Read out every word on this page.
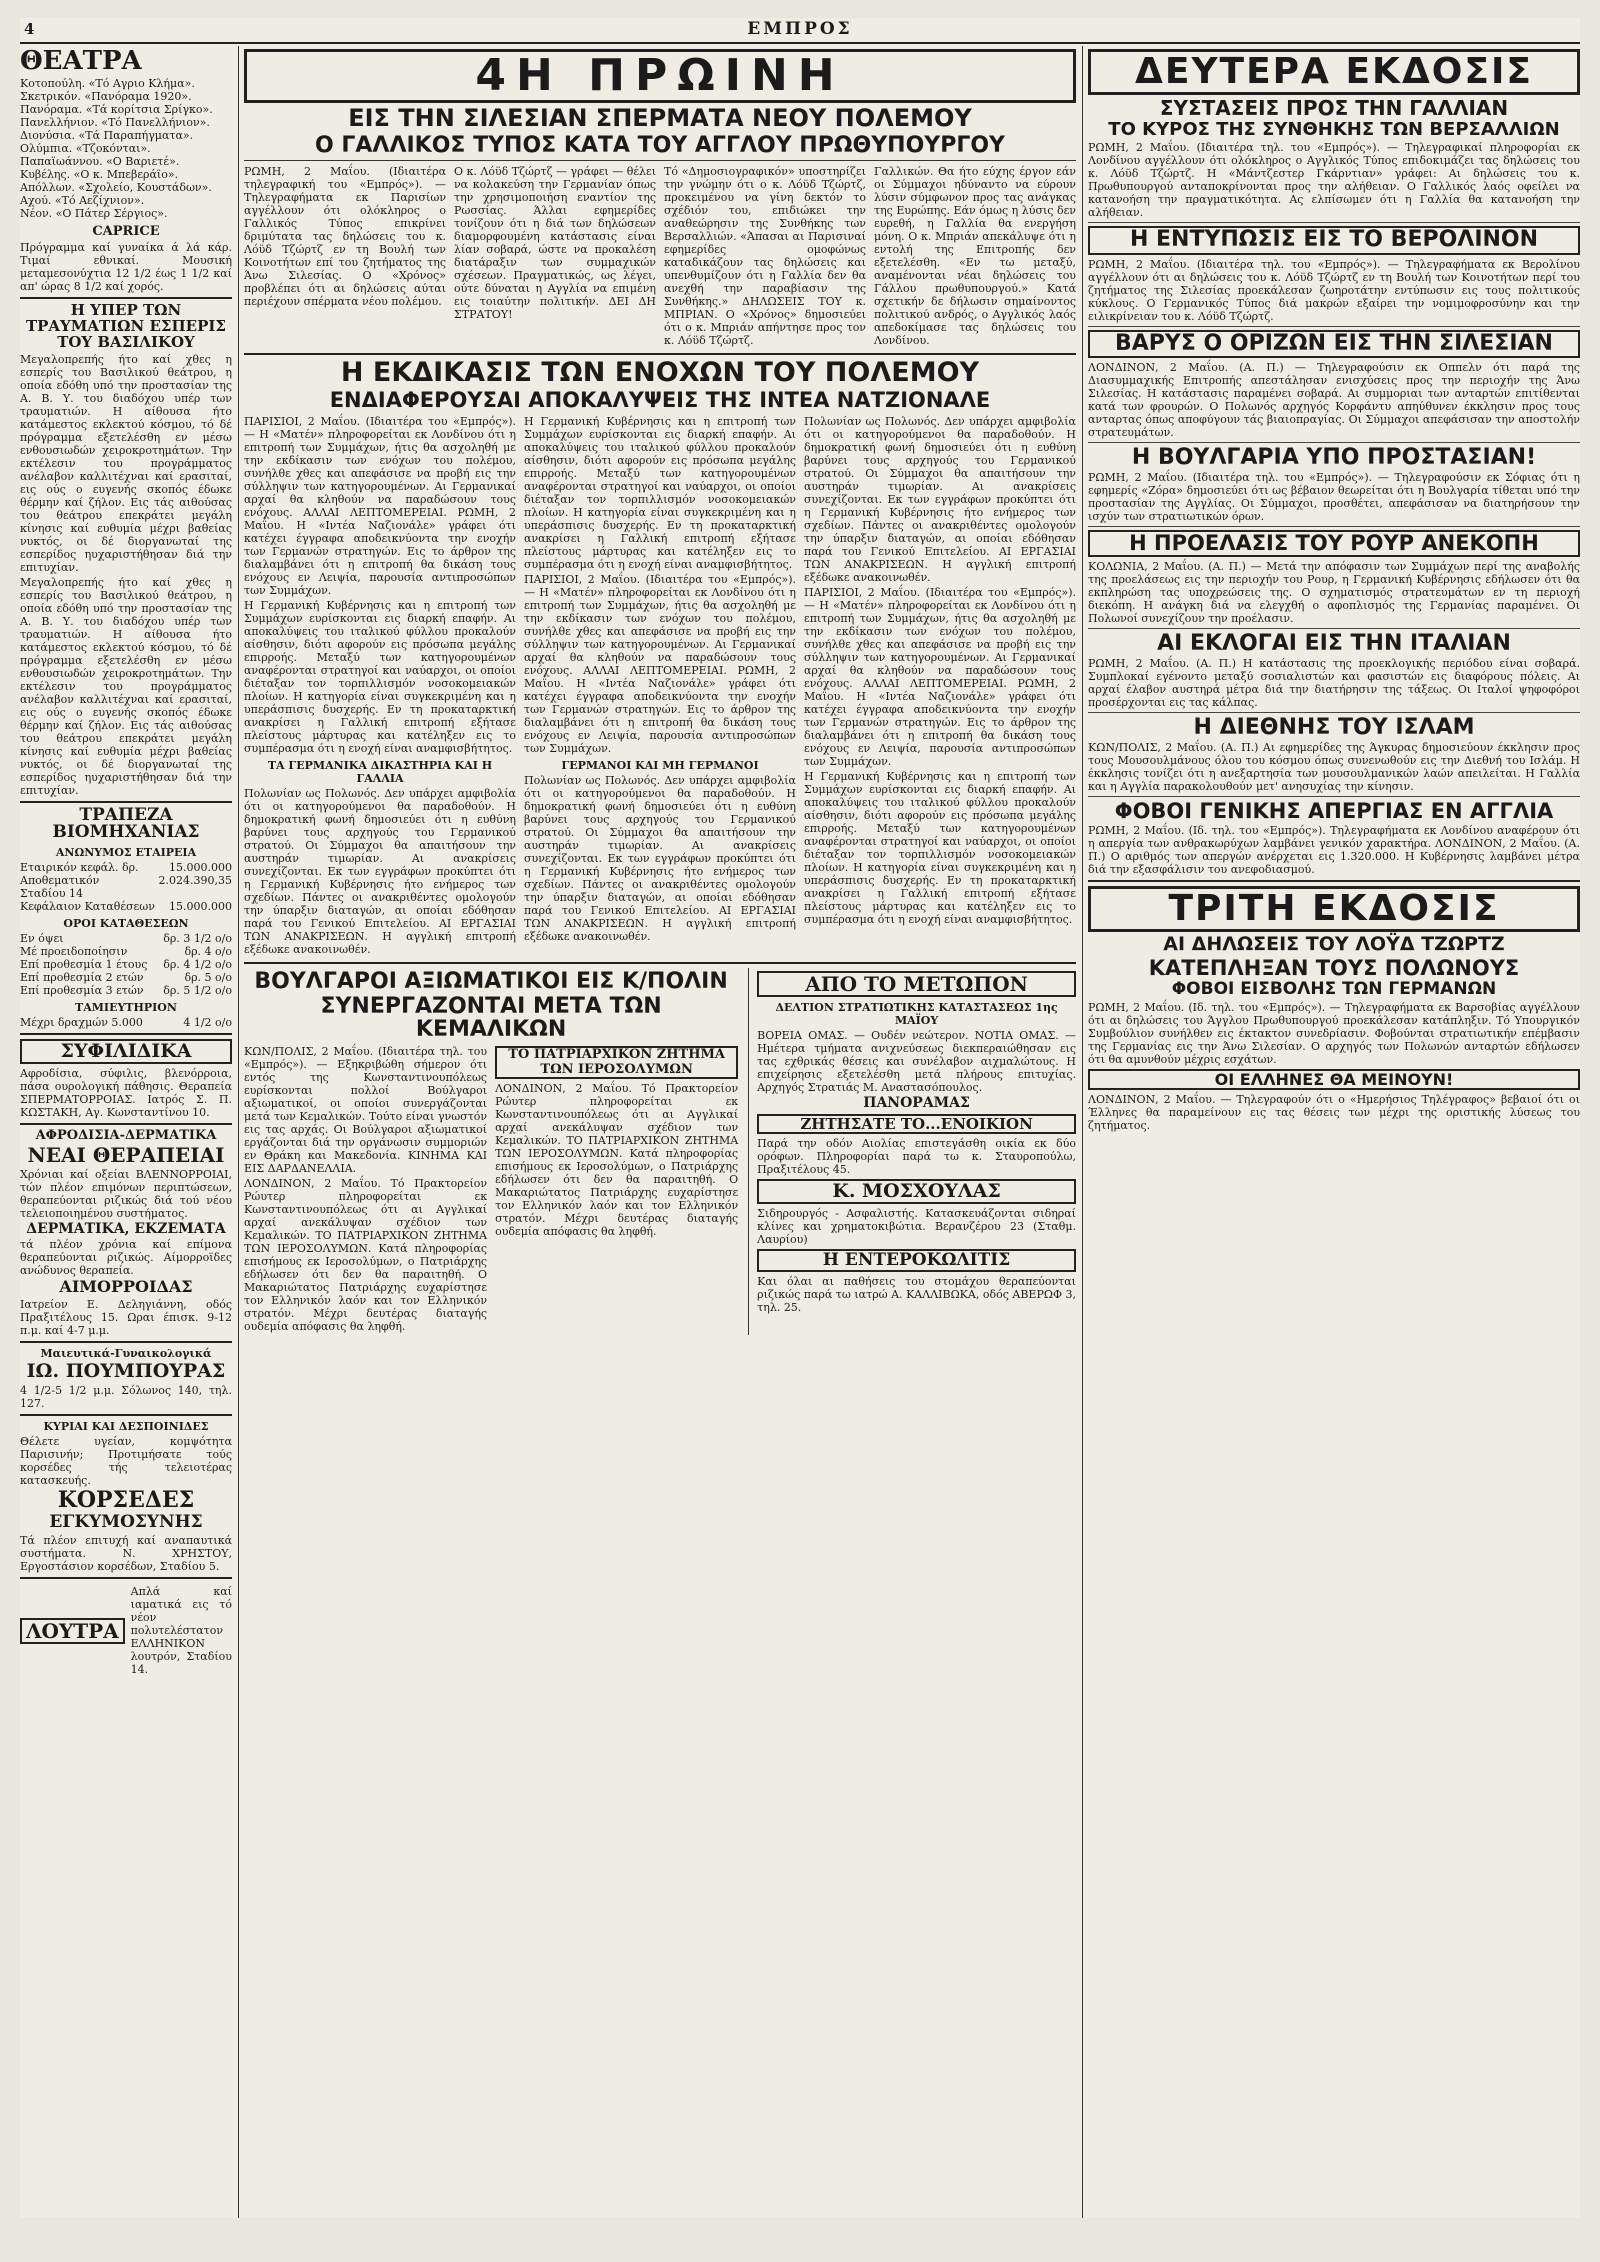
4	ΕΜΠΡΟΣ
ΘΕΑΤΡΑ
Κοτοπούλη. «Τό Αγριο Κλήμα».
Σκετρικόν. «Πανόραμα 1920».
Πανόραμα. «Τά κορίτσια Σρίγκο».
Πανελλήνιον. «Τό Πανελλήνιον».
Διονύσια. «Τά Παραπήγματα».
Ολύμπια. «Τζοκόνται».
Παπαϊωάννου. «Ο Βαριετέ».
Κυβέλης. «Ο κ. Μπεβεράϊο».
Απόλλων. «Σχολείο, Κουστάδων».
Αχού. «Τό Αεζίχνιον».
Νέον. «Ο Πάτερ Σέργιος».
CAPRICE
Πρόγραμμα καί γυναίκα ά λά κάρ. Τιμαί εθνικαί. Μουσική μεταμεσονύχτια 12 1/2 έως 1 1/2 καί απ' ώρας 8 1/2 καί χορός.
Η ΥΠΕΡ ΤΩΝ ΤΡΑΥΜΑΤΙΩΝ ΕΣΠΕΡΙΣ ΤΟΥ ΒΑΣΙΛΙΚΟΥ
Μεγαλοπρεπής ήτο καί χθες η εσπερίς του Βασιλικού θεάτρου, η οποία εδόθη υπό την προστασίαν της Α. Β. Υ. του διαδόχου υπέρ των τραυματιών. Η αίθουσα ήτο κατάμεστος εκλεκτού κόσμου, τό δέ πρόγραμμα εξετελέσθη εν μέσω ενθουσιωδών χειροκροτημάτων. Την εκτέλεσιν του προγράμματος ανέλαβον καλλιτέχναι καί ερασιταί, εις ούς ο ευγενής σκοπός έδωκε θέρμην καί ζήλον. Εις τάς αιθούσας του θεάτρου επεκράτει μεγάλη κίνησις καί ευθυμία μέχρι βαθείας νυκτός, οι δέ διοργανωταί της εσπερίδος ηυχαριστήθησαν διά την επιτυχίαν.
Μεγαλοπρεπής ήτο καί χθες η εσπερίς του Βασιλικού θεάτρου, η οποία εδόθη υπό την προστασίαν της Α. Β. Υ. του διαδόχου υπέρ των τραυματιών. Η αίθουσα ήτο κατάμεστος εκλεκτού κόσμου, τό δέ πρόγραμμα εξετελέσθη εν μέσω ενθουσιωδών χειροκροτημάτων. Την εκτέλεσιν του προγράμματος ανέλαβον καλλιτέχναι καί ερασιταί, εις ούς ο ευγενής σκοπός έδωκε θέρμην καί ζήλον. Εις τάς αιθούσας του θεάτρου επεκράτει μεγάλη κίνησις καί ευθυμία μέχρι βαθείας νυκτός, οι δέ διοργανωταί της εσπερίδος ηυχαριστήθησαν διά την επιτυχίαν.
ΤΡΑΠΕΖΑ ΒΙΟΜΗΧΑΝΙΑΣ
ΑΝΩΝΥΜΟΣ ΕΤΑΙΡΕΙΑ
Εταιρικόν κεφάλ. δρ.	15.000.000
Αποθεματικόν	2.024.390,35
Σταδίου 14
Κεφάλαιον Καταθέσεων 15.000.000
ΟΡΟΙ ΚΑΤΑΘΕΣΕΩΝ
Εν όψει	δρ. 3 1/2 ο/ο
Μέ προειδοποίησιν	δρ. 4 ο/ο
Επί προθεσμία 1 έτους δρ. 4 1/2 ο/ο
Επί προθεσμία 2 ετών	δρ. 5 ο/ο
Επί προθεσμία 3 ετών δρ. 5 1/2 ο/ο
ΤΑΜΙΕΥΤΗΡΙΟΝ
Μέχρι δραχμών 5.000	4 1/2 ο/ο
ΣΥΦΙΛΙΔΙΚΑ
Αφροδίσια, σύφιλις, βλενόρροια, πάσα ουρολογική πάθησις. Θεραπεία ΣΠΕΡΜΑΤΟΡΡΟΙΑΣ. Ιατρός Σ. Π. ΚΩΣΤΑΚΗ, Αγ. Κωνσταντίνου 10.
ΑΦΡΟΔΙΣΙΑ-ΔΕΡΜΑΤΙΚΑ
ΝΕΑΙ ΘΕΡΑΠΕΙΑΙ
Χρόνιαι καί οξείαι ΒΛΕΝΝΟΡΡΟΙΑΙ, τών πλέον επιμόνων περιπτώσεων, θεραπεύονται ριζικώς διά τού νέου τελειοποιημένου συστήματος.
ΔΕΡΜΑΤΙΚΑ, ΕΚΖΕΜΑΤΑ
τά πλέον χρόνια καί επίμονα θεραπεύονται ριζικώς. Αίμορροϊδες ανώδυνος θεραπεία.
ΑΙΜΟΡΡΟΙΔΑΣ
Ιατρείον Ε. Δεληγιάννη, οδός Πραξιτέλους 15. Ωραι έπισκ. 9-12 π.μ. καί 4-7 μ.μ.
Μαιευτικά-Γυναικολογικά
ΙΩ. ΠΟΥΜΠΟΥΡΑΣ
4 1/2-5 1/2 μ.μ. Σόλωνος 140, τηλ. 127.
ΚΥΡΙΑΙ ΚΑΙ ΔΕΣΠΟΙΝΙΔΕΣ
Θέλετε υγείαν, κομψότητα Παρισινήν; Προτιμήσατε τούς κορσέδες τής τελειοτέρας κατασκευής.
ΚΟΡΣΕΔΕΣ
ΕΓΚΥΜΟΣΥΝΗΣ
Τά πλέον επιτυχή καί αναπαυτικά συστήματα. Ν. ΧΡΗΣΤΟΥ, Εργοστάσιον κορσέδων, Σταδίου 5.
ΛΟΥΤΡΑ
Απλά καί ιαματικά εις τό νέον πολυτελέστατον ΕΛΛΗΝΙΚΟΝ λουτρόν, Σταδίου 14.
4Η ΠΡΩΙΝΗ
ΕΙΣ ΤΗΝ ΣΙΛΕΣΙΑΝ ΣΠΕΡΜΑΤΑ ΝΕΟΥ ΠΟΛΕΜΟΥ
Ο ΓΑΛΛΙΚΟΣ ΤΥΠΟΣ ΚΑΤΑ ΤΟΥ ΑΓΓΛΟΥ ΠΡΩΘΥΠΟΥΡΓΟΥ
ΡΩΜΗ, 2 Μαΐου. (Ιδιαιτέρα τηλεγραφική του «Εμπρός»). — Τηλεγραφήματα εκ Παρισίων αγγέλλουν ότι ολόκληρος ο Γαλλικός Τύπος επικρίνει δριμύτατα τας δηλώσεις του κ. Λόϋδ Τζώρτζ εν τη Βουλή των Κοινοτήτων επί του ζητήματος της Άνω Σιλεσίας. Ο «Χρόνος» προβλέπει ότι αι δηλώσεις αύται περιέχουν σπέρματα νέου πολέμου.
Ο κ. Λόϋδ Τζώρτζ — γράφει — θέλει να κολακεύση την Γερμανίαν όπως την χρησιμοποιήση εναντίον της Ρωσσίας. Άλλαι εφημερίδες τονίζουν ότι η διά των δηλώσεων διαμορφουμένη κατάστασις είναι λίαν σοβαρά, ώστε να προκαλέση διατάραξιν των συμμαχικών σχέσεων. Πραγματικώς, ως λέγει, ούτε δύναται η Αγγλία να επιμένη εις τοιαύτην πολιτικήν. ΔΕΙ ΔΗ ΣΤΡΑΤΟΥ!
Τό «Δημοσιογραφικόν» υποστηρίζει την γνώμην ότι ο κ. Λόϋδ Τζώρτζ, προκειμένου να γίνη δεκτόν το σχέδιόν του, επιδιώκει την αναθεώρησιν της Συνθήκης των Βερσαλλιών. «Άπασαι αι Παρισιναί εφημερίδες ομοφώνως καταδικάζουν τας δηλώσεις και υπενθυμίζουν ότι η Γαλλία δεν θα ανεχθή την παραβίασιν της Συνθήκης.» ΔΗΛΩΣΕΙΣ ΤΟΥ κ. ΜΠΡΙΑΝ. Ο «Χρόνος» δημοσιεύει ότι ο κ. Μπριάν απήντησε προς τον κ. Λόϋδ Τζώρτζ.
Γαλλικών. Θα ήτο εύχης έργον εάν οι Σύμμαχοι ηδύναντο να εύρουν λύσιν σύμφωνον προς τας ανάγκας της Ευρώπης. Εάν όμως η λύσις δεν ευρεθή, η Γαλλία θα ενεργήση μόνη. Ο κ. Μπριάν απεκάλυψε ότι η εντολή της Επιτροπής δεν εξετελέσθη. «Εν τω μεταξύ, αναμένονται νέαι δηλώσεις του Γάλλου πρωθυπουργού.» Κατά σχετικήν δε δήλωσιν σημαίνοντος πολιτικού ανδρός, ο Αγγλικός λαός απεδοκίμασε τας δηλώσεις του Λονδίνου.
Η ΕΚΔΙΚΑΣΙΣ ΤΩΝ ΕΝΟΧΩΝ ΤΟΥ ΠΟΛΕΜΟΥ
ΕΝΔΙΑΦΕΡΟΥΣΑΙ ΑΠΟΚΑΛΥΨΕΙΣ ΤΗΣ ΙΝΤΕΑ ΝΑΤΖΙΟΝΑΛΕ
ΠΑΡΙΣΙΟΙ, 2 Μαΐου. (Ιδιαιτέρα του «Εμπρός»). — Η «Ματέν» πληροφορείται εκ Λονδίνου ότι η επιτροπή των Συμμάχων, ήτις θα ασχοληθή με την εκδίκασιν των ενόχων του πολέμου, συνήλθε χθες και απεφάσισε να προβή εις την σύλληψιν των κατηγορουμένων. Αι Γερμανικαί αρχαί θα κληθούν να παραδώσουν τους ενόχους. ΑΛΛΑΙ ΛΕΠΤΟΜΕΡΕΙΑΙ. ΡΩΜΗ, 2 Μαΐου. Η «Ιντέα Ναζιονάλε» γράφει ότι κατέχει έγγραφα αποδεικνύοντα την ενοχήν των Γερμανών στρατηγών. Εις το άρθρον της διαλαμβάνει ότι η επιτροπή θα δικάση τους ενόχους εν Λειψία, παρουσία αντιπροσώπων των Συμμάχων.
Η Γερμανική Κυβέρνησις και η επιτροπή των Συμμάχων ευρίσκονται εις διαρκή επαφήν. Αι αποκαλύψεις του ιταλικού φύλλου προκαλούν αίσθησιν, διότι αφορούν εις πρόσωπα μεγάλης επιρροής. Μεταξύ των κατηγορουμένων αναφέρονται στρατηγοί και ναύαρχοι, οι οποίοι διέταξαν τον τορπιλλισμόν νοσοκομειακών πλοίων. Η κατηγορία είναι συγκεκριμένη και η υπεράσπισις δυσχερής. Εν τη προκαταρκτική ανακρίσει η Γαλλική επιτροπή εξήτασε πλείστους μάρτυρας και κατέληξεν εις το συμπέρασμα ότι η ενοχή είναι αναμφισβήτητος.
ΤΑ ΓΕΡΜΑΝΙΚΑ ΔΙΚΑΣΤΗΡΙΑ ΚΑΙ Η ΓΑΛΛΙΑ
Πολωνίαν ως Πολωνός. Δεν υπάρχει αμφιβολία ότι οι κατηγορούμενοι θα παραδοθούν. Η δημοκρατική φωνή δημοσιεύει ότι η ευθύνη βαρύνει τους αρχηγούς του Γερμανικού στρατού. Οι Σύμμαχοι θα απαιτήσουν την αυστηράν τιμωρίαν. Αι ανακρίσεις συνεχίζονται. Εκ των εγγράφων προκύπτει ότι η Γερμανική Κυβέρνησις ήτο ενήμερος των σχεδίων. Πάντες οι ανακριθέντες ομολογούν την ύπαρξιν διαταγών, αι οποίαι εδόθησαν παρά του Γενικού Επιτελείου. ΑΙ ΕΡΓΑΣΙΑΙ ΤΩΝ ΑΝΑΚΡΙΣΕΩΝ. Η αγγλική επιτροπή εξέδωκε ανακοινωθέν.
Η Γερμανική Κυβέρνησις και η επιτροπή των Συμμάχων ευρίσκονται εις διαρκή επαφήν. Αι αποκαλύψεις του ιταλικού φύλλου προκαλούν αίσθησιν, διότι αφορούν εις πρόσωπα μεγάλης επιρροής. Μεταξύ των κατηγορουμένων αναφέρονται στρατηγοί και ναύαρχοι, οι οποίοι διέταξαν τον τορπιλλισμόν νοσοκομειακών πλοίων. Η κατηγορία είναι συγκεκριμένη και η υπεράσπισις δυσχερής. Εν τη προκαταρκτική ανακρίσει η Γαλλική επιτροπή εξήτασε πλείστους μάρτυρας και κατέληξεν εις το συμπέρασμα ότι η ενοχή είναι αναμφισβήτητος.
ΠΑΡΙΣΙΟΙ, 2 Μαΐου. (Ιδιαιτέρα του «Εμπρός»). — Η «Ματέν» πληροφορείται εκ Λονδίνου ότι η επιτροπή των Συμμάχων, ήτις θα ασχοληθή με την εκδίκασιν των ενόχων του πολέμου, συνήλθε χθες και απεφάσισε να προβή εις την σύλληψιν των κατηγορουμένων. Αι Γερμανικαί αρχαί θα κληθούν να παραδώσουν τους ενόχους. ΑΛΛΑΙ ΛΕΠΤΟΜΕΡΕΙΑΙ. ΡΩΜΗ, 2 Μαΐου. Η «Ιντέα Ναζιονάλε» γράφει ότι κατέχει έγγραφα αποδεικνύοντα την ενοχήν των Γερμανών στρατηγών. Εις το άρθρον της διαλαμβάνει ότι η επιτροπή θα δικάση τους ενόχους εν Λειψία, παρουσία αντιπροσώπων των Συμμάχων.
ΓΕΡΜΑΝΟΙ ΚΑΙ ΜΗ ΓΕΡΜΑΝΟΙ
Πολωνίαν ως Πολωνός. Δεν υπάρχει αμφιβολία ότι οι κατηγορούμενοι θα παραδοθούν. Η δημοκρατική φωνή δημοσιεύει ότι η ευθύνη βαρύνει τους αρχηγούς του Γερμανικού στρατού. Οι Σύμμαχοι θα απαιτήσουν την αυστηράν τιμωρίαν. Αι ανακρίσεις συνεχίζονται. Εκ των εγγράφων προκύπτει ότι η Γερμανική Κυβέρνησις ήτο ενήμερος των σχεδίων. Πάντες οι ανακριθέντες ομολογούν την ύπαρξιν διαταγών, αι οποίαι εδόθησαν παρά του Γενικού Επιτελείου. ΑΙ ΕΡΓΑΣΙΑΙ ΤΩΝ ΑΝΑΚΡΙΣΕΩΝ. Η αγγλική επιτροπή εξέδωκε ανακοινωθέν.
Πολωνίαν ως Πολωνός. Δεν υπάρχει αμφιβολία ότι οι κατηγορούμενοι θα παραδοθούν. Η δημοκρατική φωνή δημοσιεύει ότι η ευθύνη βαρύνει τους αρχηγούς του Γερμανικού στρατού. Οι Σύμμαχοι θα απαιτήσουν την αυστηράν τιμωρίαν. Αι ανακρίσεις συνεχίζονται. Εκ των εγγράφων προκύπτει ότι η Γερμανική Κυβέρνησις ήτο ενήμερος των σχεδίων. Πάντες οι ανακριθέντες ομολογούν την ύπαρξιν διαταγών, αι οποίαι εδόθησαν παρά του Γενικού Επιτελείου. ΑΙ ΕΡΓΑΣΙΑΙ ΤΩΝ ΑΝΑΚΡΙΣΕΩΝ. Η αγγλική επιτροπή εξέδωκε ανακοινωθέν.
ΠΑΡΙΣΙΟΙ, 2 Μαΐου. (Ιδιαιτέρα του «Εμπρός»). — Η «Ματέν» πληροφορείται εκ Λονδίνου ότι η επιτροπή των Συμμάχων, ήτις θα ασχοληθή με την εκδίκασιν των ενόχων του πολέμου, συνήλθε χθες και απεφάσισε να προβή εις την σύλληψιν των κατηγορουμένων. Αι Γερμανικαί αρχαί θα κληθούν να παραδώσουν τους ενόχους. ΑΛΛΑΙ ΛΕΠΤΟΜΕΡΕΙΑΙ. ΡΩΜΗ, 2 Μαΐου. Η «Ιντέα Ναζιονάλε» γράφει ότι κατέχει έγγραφα αποδεικνύοντα την ενοχήν των Γερμανών στρατηγών. Εις το άρθρον της διαλαμβάνει ότι η επιτροπή θα δικάση τους ενόχους εν Λειψία, παρουσία αντιπροσώπων των Συμμάχων.
Η Γερμανική Κυβέρνησις και η επιτροπή των Συμμάχων ευρίσκονται εις διαρκή επαφήν. Αι αποκαλύψεις του ιταλικού φύλλου προκαλούν αίσθησιν, διότι αφορούν εις πρόσωπα μεγάλης επιρροής. Μεταξύ των κατηγορουμένων αναφέρονται στρατηγοί και ναύαρχοι, οι οποίοι διέταξαν τον τορπιλλισμόν νοσοκομειακών πλοίων. Η κατηγορία είναι συγκεκριμένη και η υπεράσπισις δυσχερής. Εν τη προκαταρκτική ανακρίσει η Γαλλική επιτροπή εξήτασε πλείστους μάρτυρας και κατέληξεν εις το συμπέρασμα ότι η ενοχή είναι αναμφισβήτητος.
ΒΟΥΛΓΑΡΟΙ ΑΞΙΩΜΑΤΙΚΟΙ ΕΙΣ Κ/ΠΟΛΙΝ
ΣΥΝΕΡΓΑΖΟΝΤΑΙ ΜΕΤΑ ΤΩΝ ΚΕΜΑΛΙΚΩΝ
ΚΩΝ/ΠΟΛΙΣ, 2 Μαΐου. (Ιδιαιτέρα τηλ. του «Εμπρός»). — Εξηκριβώθη σήμερον ότι εντός της Κωνσταντινουπόλεως ευρίσκονται πολλοί Βούλγαροι αξιωματικοί, οι οποίοι συνεργάζονται μετά των Κεμαλικών. Τούτο είναι γνωστόν εις τας αρχάς. Οι Βούλγαροι αξιωματικοί εργάζονται διά την οργάνωσιν συμμοριών εν Θράκη και Μακεδονία. ΚΙΝΗΜΑ ΚΑΙ ΕΙΣ ΔΑΡΔΑΝΕΛΛΙΑ.
ΛΟΝΔΙΝΟΝ, 2 Μαΐου. Τό Πρακτορείον Ρώυτερ πληροφορείται εκ Κωνσταντινουπόλεως ότι αι Αγγλικαί αρχαί ανεκάλυψαν σχέδιον των Κεμαλικών. ΤΟ ΠΑΤΡΙΑΡΧΙΚΟΝ ΖΗΤΗΜΑ ΤΩΝ ΙΕΡΟΣΟΛΥΜΩΝ. Κατά πληροφορίας επισήμους εκ Ιεροσολύμων, ο Πατριάρχης εδήλωσεν ότι δεν θα παραιτηθή. Ο Μακαριώτατος Πατριάρχης ευχαρίστησε τον Ελληνικόν λαόν και τον Ελληνικόν στρατόν. Μέχρι δευτέρας διαταγής ουδεμία απόφασις θα ληφθή.
ΤΟ ΠΑΤΡΙΑΡΧΙΚΟΝ ΖΗΤΗΜΑ ΤΩΝ ΙΕΡΟΣΟΛΥΜΩΝ
ΛΟΝΔΙΝΟΝ, 2 Μαΐου. Τό Πρακτορείον Ρώυτερ πληροφορείται εκ Κωνσταντινουπόλεως ότι αι Αγγλικαί αρχαί ανεκάλυψαν σχέδιον των Κεμαλικών. ΤΟ ΠΑΤΡΙΑΡΧΙΚΟΝ ΖΗΤΗΜΑ ΤΩΝ ΙΕΡΟΣΟΛΥΜΩΝ. Κατά πληροφορίας επισήμους εκ Ιεροσολύμων, ο Πατριάρχης εδήλωσεν ότι δεν θα παραιτηθή. Ο Μακαριώτατος Πατριάρχης ευχαρίστησε τον Ελληνικόν λαόν και τον Ελληνικόν στρατόν. Μέχρι δευτέρας διαταγής ουδεμία απόφασις θα ληφθή.
ΑΠΟ ΤΟ ΜΕΤΩΠΟΝ
ΔΕΛΤΙΟΝ ΣΤΡΑΤΙΩΤΙΚΗΣ ΚΑΤΑΣΤΑΣΕΩΣ 1ης ΜΑΪΟΥ
ΒΟΡΕΙΑ ΟΜΑΣ. — Ουδέν νεώτερον. ΝΟΤΙΑ ΟΜΑΣ. — Ημέτερα τμήματα ανιχνεύσεως διεκπεραιώθησαν εις τας εχθρικάς θέσεις και συνέλαβον αιχμαλώτους. Η επιχείρησις εξετελέσθη μετά πλήρους επιτυχίας. Αρχηγός Στρατιάς Μ. Αναστασόπουλος.
ΠΑΝΟΡΑΜΑΣ
ΖΗΤΗΣΑΤΕ ΤΟ...ΕΝΟΙΚΙΟΝ
Παρά την οδόν Αιολίας επιστεγάσθη οικία εκ δύο ορόφων. Πληροφορίαι παρά τω κ. Σταυροπούλω, Πραξιτέλους 45.
Κ. ΜΟΣΧΟΥΛΑΣ
Σιδηρουργός - Ασφαλιστής. Κατασκευάζονται σιδηραί κλίνες και χρηματοκιβώτια. Βερανζέρου 23 (Σταθμ. Λαυρίου)
Η ΕΝΤΕΡΟΚΩΛΙΤΙΣ
Και όλαι αι παθήσεις του στομάχου θεραπεύονται ριζικώς παρά τω ιατρώ Α. ΚΑΛΛΙΒΩΚΑ, οδός ΑΒΕΡΩΦ 3, τηλ. 25.
ΔΕΥΤΕΡΑ ΕΚΔΟΣΙΣ
ΣΥΣΤΑΣΕΙΣ ΠΡΟΣ ΤΗΝ ΓΑΛΛΙΑΝ
ΤΟ ΚΥΡΟΣ ΤΗΣ ΣΥΝΘΗΚΗΣ ΤΩΝ ΒΕΡΣΑΛΛΙΩΝ
ΡΩΜΗ, 2 Μαΐου. (Ιδιαιτέρα τηλ. του «Εμπρός»). — Τηλεγραφικαί πληροφορίαι εκ Λονδίνου αγγέλλουν ότι ολόκληρος ο Αγγλικός Τύπος επιδοκιμάζει τας δηλώσεις του κ. Λόϋδ Τζώρτζ. Η «Μάντζεστερ Γκάρντιαν» γράφει: Αι δηλώσεις του κ. Πρωθυπουργού ανταποκρίνονται προς την αλήθειαν. Ο Γαλλικός λαός οφείλει να κατανοήση την πραγματικότητα. Ας ελπίσωμεν ότι η Γαλλία θα κατανοήση την αλήθειαν.
Η ΕΝΤΥΠΩΣΙΣ ΕΙΣ ΤΟ ΒΕΡΟΛΙΝΟΝ
ΡΩΜΗ, 2 Μαΐου. (Ιδιαιτέρα τηλ. του «Εμπρός»). — Τηλεγραφήματα εκ Βερολίνου αγγέλλουν ότι αι δηλώσεις του κ. Λόϋδ Τζώρτζ εν τη Βουλή των Κοινοτήτων περί του ζητήματος της Σιλεσίας προεκάλεσαν ζωηροτάτην εντύπωσιν εις τους πολιτικούς κύκλους. Ο Γερμανικός Τύπος διά μακρών εξαίρει την νομιμοφροσύνην και την ειλικρίνειαν του κ. Λόϋδ Τζώρτζ.
ΒΑΡΥΣ Ο ΟΡΙΖΩΝ ΕΙΣ ΤΗΝ ΣΙΛΕΣΙΑΝ
ΛΟΝΔΙΝΟΝ, 2 Μαΐου. (Α. Π.) — Τηλεγραφούσιν εκ Οππελν ότι παρά της Διασυμμαχικής Επιτροπής απεστάλησαν ενισχύσεις προς την περιοχήν της Άνω Σιλεσίας. Η κατάστασις παραμένει σοβαρά. Αι συμμοριαι των ανταρτών επιτίθενται κατά των φρουρών. Ο Πολωνός αρχηγός Κορφάντυ απηύθυνεν έκκλησιν προς τους ανταρτας όπως αποφύγουν τάς βιαιοπραγίας. Οι Σύμμαχοι απεφάσισαν την αποστολήν στρατευμάτων.
Η ΒΟΥΛΓΑΡΙΑ ΥΠΟ ΠΡΟΣΤΑΣΙΑΝ!
ΡΩΜΗ, 2 Μαΐου. (Ιδιαιτέρα τηλ. του «Εμπρός»). — Τηλεγραφούσιν εκ Σόφιας ότι η εφημερίς «Ζόρα» δημοσιεύει ότι ως βέβαιον θεωρείται ότι η Βουλγαρία τίθεται υπό την προστασίαν της Αγγλίας. Οι Σύμμαχοι, προσθέτει, απεφάσισαν να διατηρήσουν την ισχύν των στρατιωτικών όρων.
Η ΠΡΟΕΛΑΣΙΣ ΤΟΥ ΡΟΥΡ ΑΝΕΚΟΠΗ
ΚΟΛΩΝΙΑ, 2 Μαΐου. (Α. Π.) — Μετά την απόφασιν των Συμμάχων περί της αναβολής της προελάσεως εις την περιοχήν του Ρουρ, η Γερμανική Κυβέρνησις εδήλωσεν ότι θα εκπληρώση τας υποχρεώσεις της. Ο σχηματισμός στρατευμάτων εν τη περιοχή διεκόπη. Η ανάγκη διά να ελεγχθή ο αφοπλισμός της Γερμανίας παραμένει. Οι Πολωνοί συνεχίζουν την προέλασιν.
ΑΙ ΕΚΛΟΓΑΙ ΕΙΣ ΤΗΝ ΙΤΑΛΙΑΝ
ΡΩΜΗ, 2 Μαΐου. (Α. Π.) Η κατάστασις της προεκλογικής περιόδου είναι σοβαρά. Συμπλοκαί εγένοντο μεταξύ σοσιαλιστών και φασιστών εις διαφόρους πόλεις. Αι αρχαί έλαβον αυστηρά μέτρα διά την διατήρησιν της τάξεως. Οι Ιταλοί ψηφοφόροι προσέρχονται εις τας κάλπας.
Η ΔΙΕΘΝΗΣ ΤΟΥ ΙΣΛΑΜ
ΚΩΝ/ΠΟΛΙΣ, 2 Μαΐου. (Α. Π.) Αι εφημερίδες της Άγκυρας δημοσιεύουν έκκλησιν προς τους Μουσουλμάνους όλου του κόσμου όπως συνενωθούν εις την Διεθνή του Ισλάμ. Η έκκλησις τονίζει ότι η ανεξαρτησία των μουσουλμανικών λαών απειλείται. Η Γαλλία και η Αγγλία παρακολουθούν μετ' ανησυχίας την κίνησιν.
ΦΟΒΟΙ ΓΕΝΙΚΗΣ ΑΠΕΡΓΙΑΣ ΕΝ ΑΓΓΛΙΑ
ΡΩΜΗ, 2 Μαΐου. (Ιδ. τηλ. του «Εμπρός»). Τηλεγραφήματα εκ Λονδίνου αναφέρουν ότι η απεργία των ανθρακωρύχων λαμβάνει γενικόν χαρακτήρα. ΛΟΝΔΙΝΟΝ, 2 Μαΐου. (Α. Π.) Ο αριθμός των απεργών ανέρχεται εις 1.320.000. Η Κυβέρνησις λαμβάνει μέτρα διά την εξασφάλισιν του ανεφοδιασμού.
ΤΡΙΤΗ ΕΚΔΟΣΙΣ
ΑΙ ΔΗΛΩΣΕΙΣ ΤΟΥ ΛΟΫΔ ΤΖΩΡΤΖ
ΚΑΤΕΠΛΗΞΑΝ ΤΟΥΣ ΠΟΛΩΝΟΥΣ
ΦΟΒΟΙ ΕΙΣΒΟΛΗΣ ΤΩΝ ΓΕΡΜΑΝΩΝ
ΡΩΜΗ, 2 Μαΐου. (Ιδ. τηλ. του «Εμπρός»). — Τηλεγραφήματα εκ Βαρσοβίας αγγέλλουν ότι αι δηλώσεις του Άγγλου Πρωθυπουργού προεκάλεσαν κατάπληξιν. Τό Υπουργικόν Συμβούλιον συνήλθεν εις έκτακτον συνεδρίασιν. Φοβούνται στρατιωτικήν επέμβασιν της Γερμανίας εις την Άνω Σιλεσίαν. Ο αρχηγός των Πολωνών ανταρτών εδήλωσεν ότι θα αμυνθούν μέχρις εσχάτων.
ΟΙ ΕΛΛΗΝΕΣ ΘΑ ΜΕΙΝΟΥΝ!
ΛΟΝΔΙΝΟΝ, 2 Μαΐου. — Τηλεγραφούν ότι ο «Ημερήσιος Τηλέγραφος» βεβαιοί ότι οι Έλληνες θα παραμείνουν εις τας θέσεις των μέχρι της οριστικής λύσεως του ζητήματος.
